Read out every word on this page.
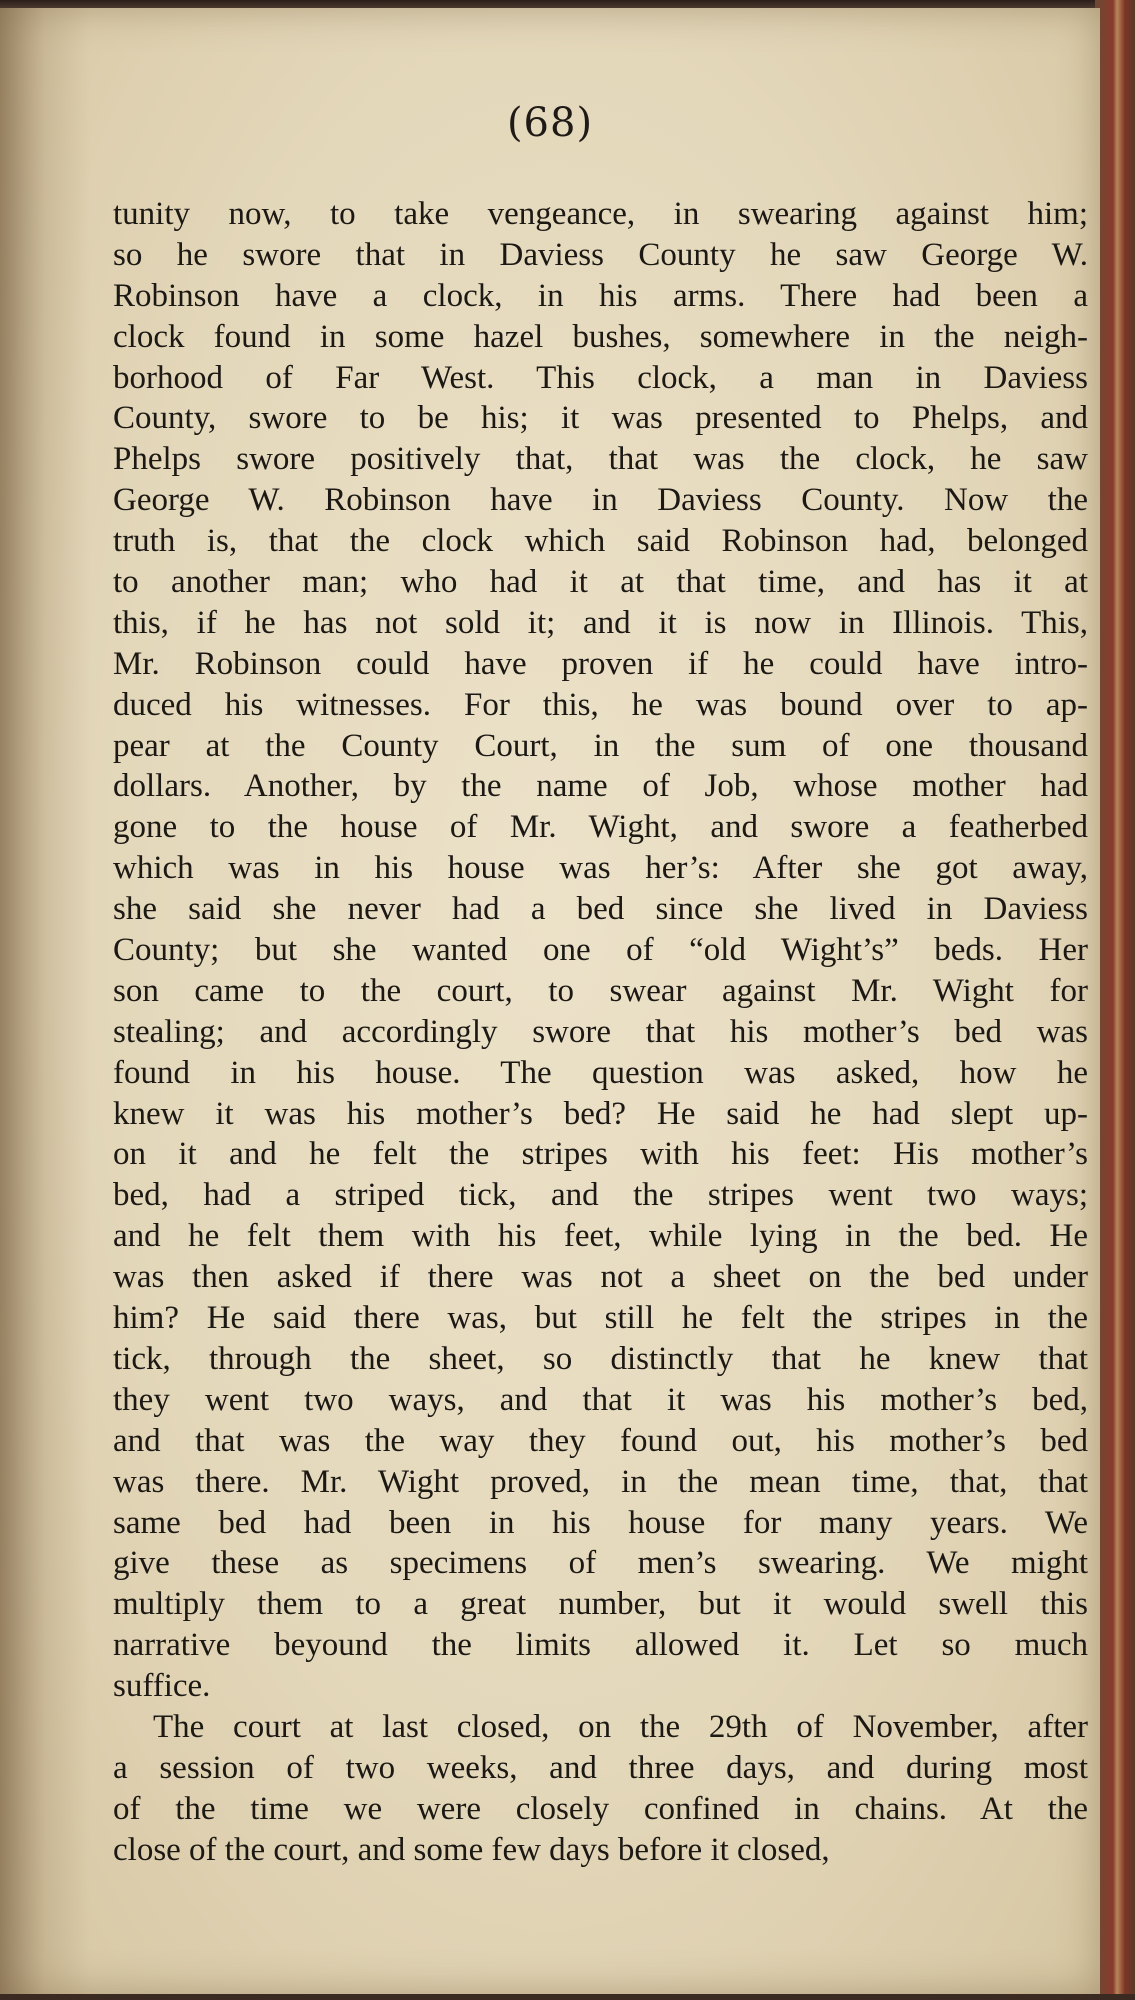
(68)
tunity now, to take vengeance, in swearing against him;
so he swore that in Daviess County he saw George W.
Robinson have a clock, in his arms. There had been a
clock found in some hazel bushes, somewhere in the neigh-
borhood of Far West. This clock, a man in Daviess
County, swore to be his; it was presented to Phelps, and
Phelps swore positively that, that was the clock, he saw
George W. Robinson have in Daviess County. Now the
truth is, that the clock which said Robinson had, belonged
to another man; who had it at that time, and has it at
this, if he has not sold it; and it is now in Illinois. This,
Mr. Robinson could have proven if he could have intro-
duced his witnesses. For this, he was bound over to ap-
pear at the County Court, in the sum of one thousand
dollars. Another, by the name of Job, whose mother had
gone to the house of Mr. Wight, and swore a featherbed
which was in his house was her’s: After she got away,
she said she never had a bed since she lived in Daviess
County; but she wanted one of “old Wight’s” beds. Her
son came to the court, to swear against Mr. Wight for
stealing; and accordingly swore that his mother’s bed was
found in his house. The question was asked, how he
knew it was his mother’s bed? He said he had slept up-
on it and he felt the stripes with his feet: His mother’s
bed, had a striped tick, and the stripes went two ways;
and he felt them with his feet, while lying in the bed. He
was then asked if there was not a sheet on the bed under
him? He said there was, but still he felt the stripes in the
tick, through the sheet, so distinctly that he knew that
they went two ways, and that it was his mother’s bed,
and that was the way they found out, his mother’s bed
was there. Mr. Wight proved, in the mean time, that, that
same bed had been in his house for many years. We
give these as specimens of men’s swearing. We might
multiply them to a great number, but it would swell this
narrative beyound the limits allowed it. Let so much
suffice.
The court at last closed, on the 29th of November, after
a session of two weeks, and three days, and during most
of the time we were closely confined in chains. At the
close of the court, and some few days before it closed,
